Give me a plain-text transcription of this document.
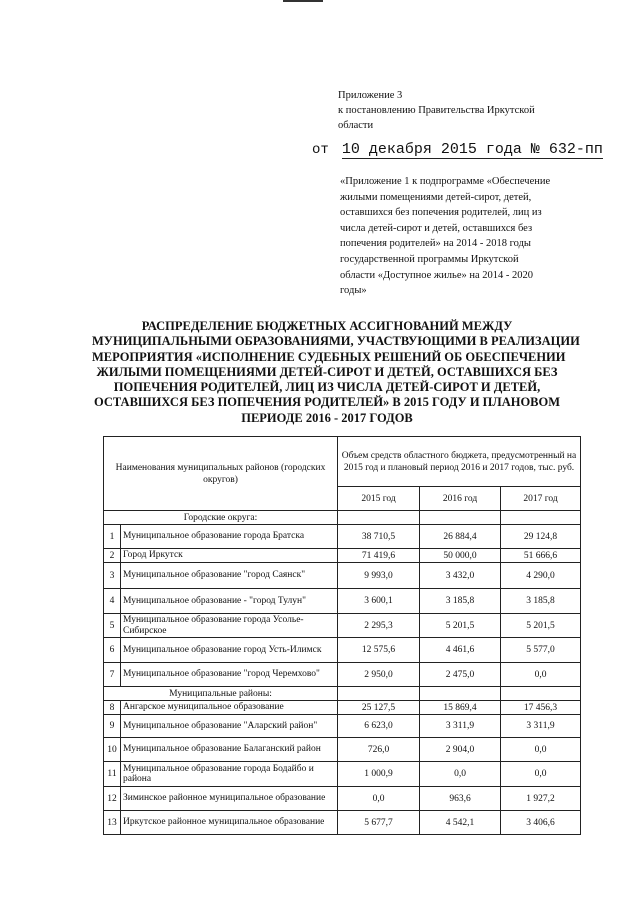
Приложение 3
к постановлению Правительства Иркутской
области
от 10 декабря 2015 года № 632-пп
«Приложение 1 к подпрограмме «Обеспечение
жилыми помещениями детей-сирот, детей,
оставшихся без попечения родителей, лиц из
числа детей-сирот и детей, оставшихся без
попечения родителей» на 2014 - 2018 годы
государственной программы Иркутской
области «Доступное жилье» на 2014 - 2020
годы»
РАСПРЕДЕЛЕНИЕ БЮДЖЕТНЫХ АССИГНОВАНИЙ МЕЖДУ
МУНИЦИПАЛЬНЫМИ ОБРАЗОВАНИЯМИ, УЧАСТВУЮЩИМИ В РЕАЛИЗАЦИИ
МЕРОПРИЯТИЯ «ИСПОЛНЕНИЕ СУДЕБНЫХ РЕШЕНИЙ ОБ ОБЕСПЕЧЕНИИ
ЖИЛЫМИ ПОМЕЩЕНИЯМИ ДЕТЕЙ-СИРОТ И ДЕТЕЙ, ОСТАВШИХСЯ БЕЗ
ПОПЕЧЕНИЯ РОДИТЕЛЕЙ, ЛИЦ ИЗ ЧИСЛА ДЕТЕЙ-СИРОТ И ДЕТЕЙ,
ОСТАВШИХСЯ БЕЗ ПОПЕЧЕНИЯ РОДИТЕЛЕЙ» В 2015 ГОДУ И ПЛАНОВОМ
ПЕРИОДЕ 2016 - 2017 ГОДОВ
Наименования муниципальных районов (городских округов)		Объем средств областного бюджета, предусмотренный на 2015 год и плановый период 2016 и 2017 годов, тыс. руб.		
		2015 год	2016 год	2017 год
Городские округа:				
1	Муниципальное образование города Братска	38 710,5	26 884,4	29 124,8
2	Город Иркутск	71 419,6	50 000,0	51 666,6
3	Муниципальное образование "город Саянск"	9 993,0	3 432,0	4 290,0
4	Муниципальное образование - "город Тулун"	3 600,1	3 185,8	3 185,8
5	Муниципальное образование города Усолье-Сибирское	2 295,3	5 201,5	5 201,5
6	Муниципальное образование город Усть-Илимск	12 575,6	4 461,6	5 577,0
7	Муниципальное образование "город Черемхово"	2 950,0	2 475,0	0,0
Муниципальные районы:				
8	Ангарское муниципальное образование	25 127,5	15 869,4	17 456,3
9	Муниципальное образование "Аларский район"	6 623,0	3 311,9	3 311,9
10	Муниципальное образование Балаганский район	726,0	2 904,0	0,0
11	Муниципальное образование города Бодайбо и района	1 000,9	0,0	0,0
12	Зиминское районное муниципальное образование	0,0	963,6	1 927,2
13	Иркутское районное муниципальное образование	5 677,7	4 542,1	3 406,6
